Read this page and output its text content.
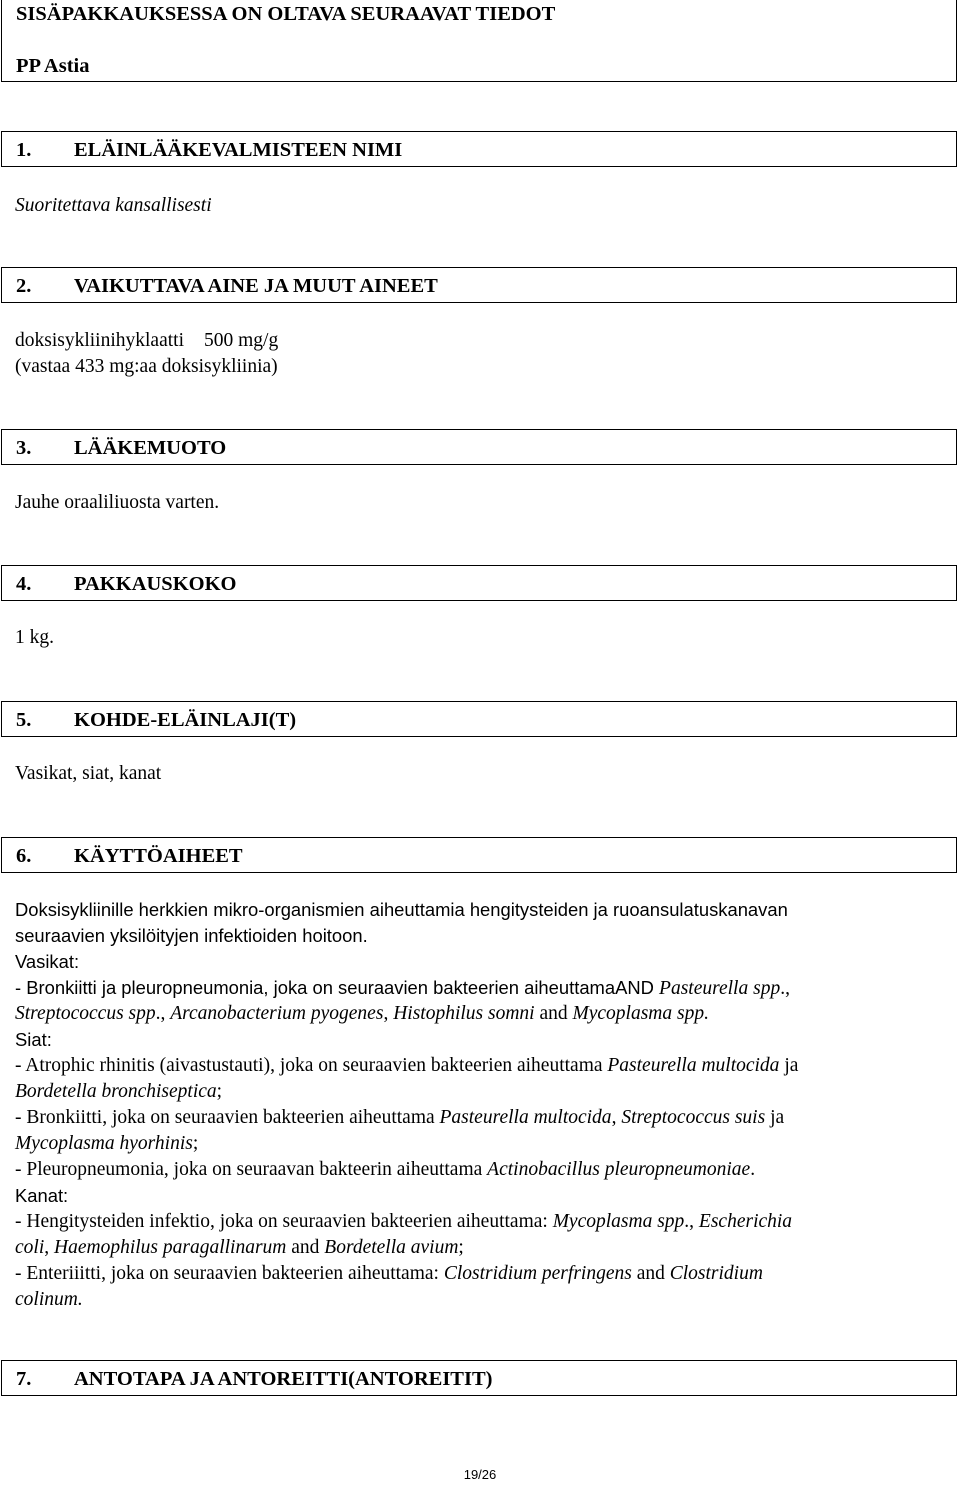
SISÄPAKKAUKSESSA ON OLTAVA SEURAAVAT TIEDOT
PP Astia
1. ELÄINLÄÄKEVALMISTEEN NIMI

Suoritettava kansallisesti

2. VAIKUTTAVA AINE JA MUUT AINEET

doksisykliinihyklaatti 500 mg/g

(vastaa 433 mg:aa doksisykliinia)

3. LÄÄKEMUOTO

Jauhe oraaliliuosta varten.

4. PAKKAUSKOKO

1 kg.

5. KOHDE-ELÄINLAJI(T)

Vasikat, siat, kanat

6. KÄYTTÖAIHEET

Doksisykliinille herkkien mikro-organismien aiheuttamia hengitysteiden ja ruoansulatuskanavan

seuraavien yksilöityjen infektioiden hoitoon.

Vasikat:

- Bronkiitti ja pleuropneumonia, joka on seuraavien bakteerien aiheuttamaAND Pasteurella spp.,

Streptococcus spp., Arcanobacterium pyogenes, Histophilus somni and Mycoplasma spp.

Siat:

- Atrophic rhinitis (aivastustauti), joka on seuraavien bakteerien aiheuttama Pasteurella multocida ja

Bordetella bronchiseptica;

- Bronkiitti, joka on seuraavien bakteerien aiheuttama Pasteurella multocida, Streptococcus suis ja

Mycoplasma hyorhinis;

- Pleuropneumonia, joka on seuraavan bakteerin aiheuttama Actinobacillus pleuropneumoniae.

Kanat:

- Hengitysteiden infektio, joka on seuraavien bakteerien aiheuttama: Mycoplasma spp., Escherichia

coli, Haemophilus paragallinarum and Bordetella avium;

- Enteriiitti, joka on seuraavien bakteerien aiheuttama: Clostridium perfringens and Clostridium

colinum.

7. ANTOTAPA JA ANTOREITTI(ANTOREITIT)
19/26
